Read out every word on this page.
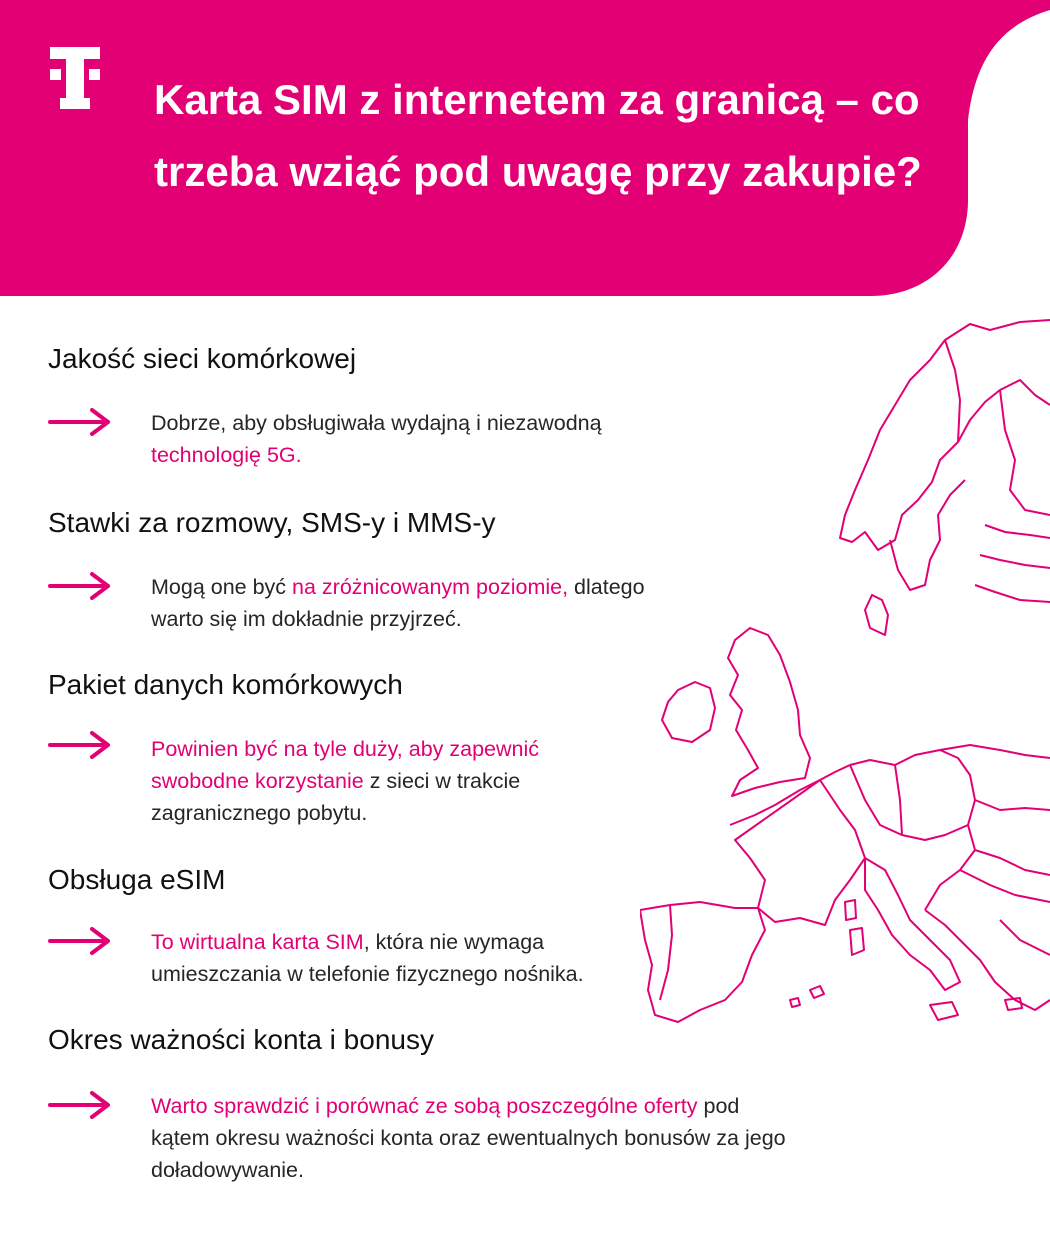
Karta SIM z internetem za granicą – co trzeba wziąć pod uwagę przy zakupie?
Jakość sieci komórkowej

Dobrze, aby obsługiwała wydajną i niezawodną technologię 5G.

Stawki za rozmowy, SMS-y i MMS-y

Mogą one być na zróżnicowanym poziomie, dlatego warto się im dokładnie przyjrzeć.

Pakiet danych komórkowych

Powinien być na tyle duży, aby zapewnić swobodne korzystanie z sieci w trakcie zagranicznego pobytu.

Obsługa eSIM

To wirtualna karta SIM, która nie wymaga umieszczania w telefonie fizycznego nośnika.

Okres ważności konta i bonusy

Warto sprawdzić i porównać ze sobą poszczególne oferty pod kątem okresu ważności konta oraz ewentualnych bonusów za jego doładowywanie.
